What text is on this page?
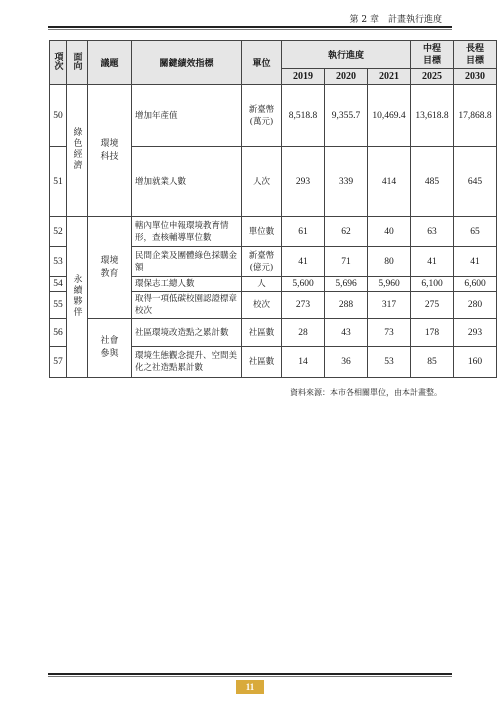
第 2 章　計畫執行進度
項次	面向	議題	關鍵績效指標	單位	執行進度			中程目標	長程目標

					2019	2020	2021	2025	2030
50	綠色經濟	環境科技	增加年產值	新臺幣(萬元)	8,518.8	9,355.7	10,469.4	13,618.8	17,868.8
51			增加就業人數	人次	293	339	414	485	645
52	永續夥伴	環境教育	轄內單位申報環境教育情形，查核輔導單位數	單位數	61	62	40	63	65
53			民間企業及團體綠色採購金額	新臺幣(億元)	41	71	80	41	41
54			環保志工總人數	人	5,600	5,696	5,960	6,100	6,600
55			取得一項低碳校園認證標章校次	校次	273	288	317	275	280
56		社會參與	社區環境改造點之累計數	社區數	28	43	73	178	293
57			環境生態觀念提升、空間美化之社造點累計數	社區數	14	36	53	85	160
資料來源：本市各相關單位，由本計畫整。
11
